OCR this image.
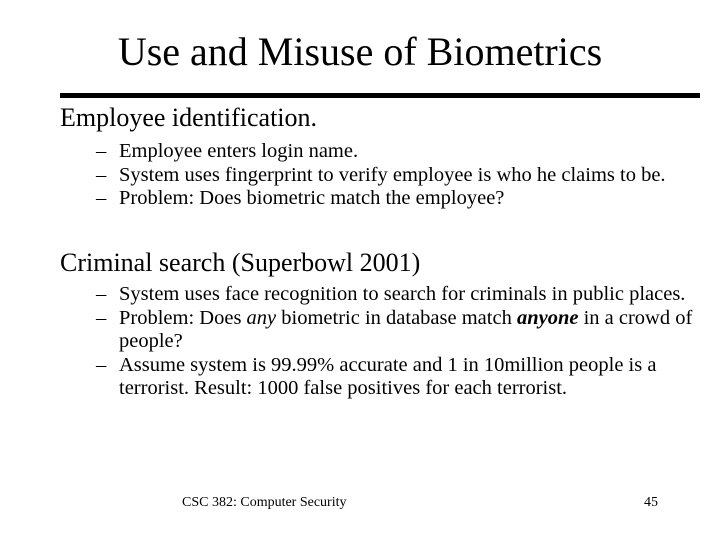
Use and Misuse of Biometrics

Employee identification.

– Employee enters login name.
– System uses fingerprint to verify employee is who he claims to be.
– Problem: Does biometric match the employee?

Criminal search (Superbowl 2001)

– System uses face recognition to search for criminals in public places.
– Problem: Does any biometric in database match anyone in a crowd of people?
– Assume system is 99.99% accurate and 1 in 10million people is a terrorist. Result: 1000 false positives for each terrorist.
CSC 382: Computer Security	45
